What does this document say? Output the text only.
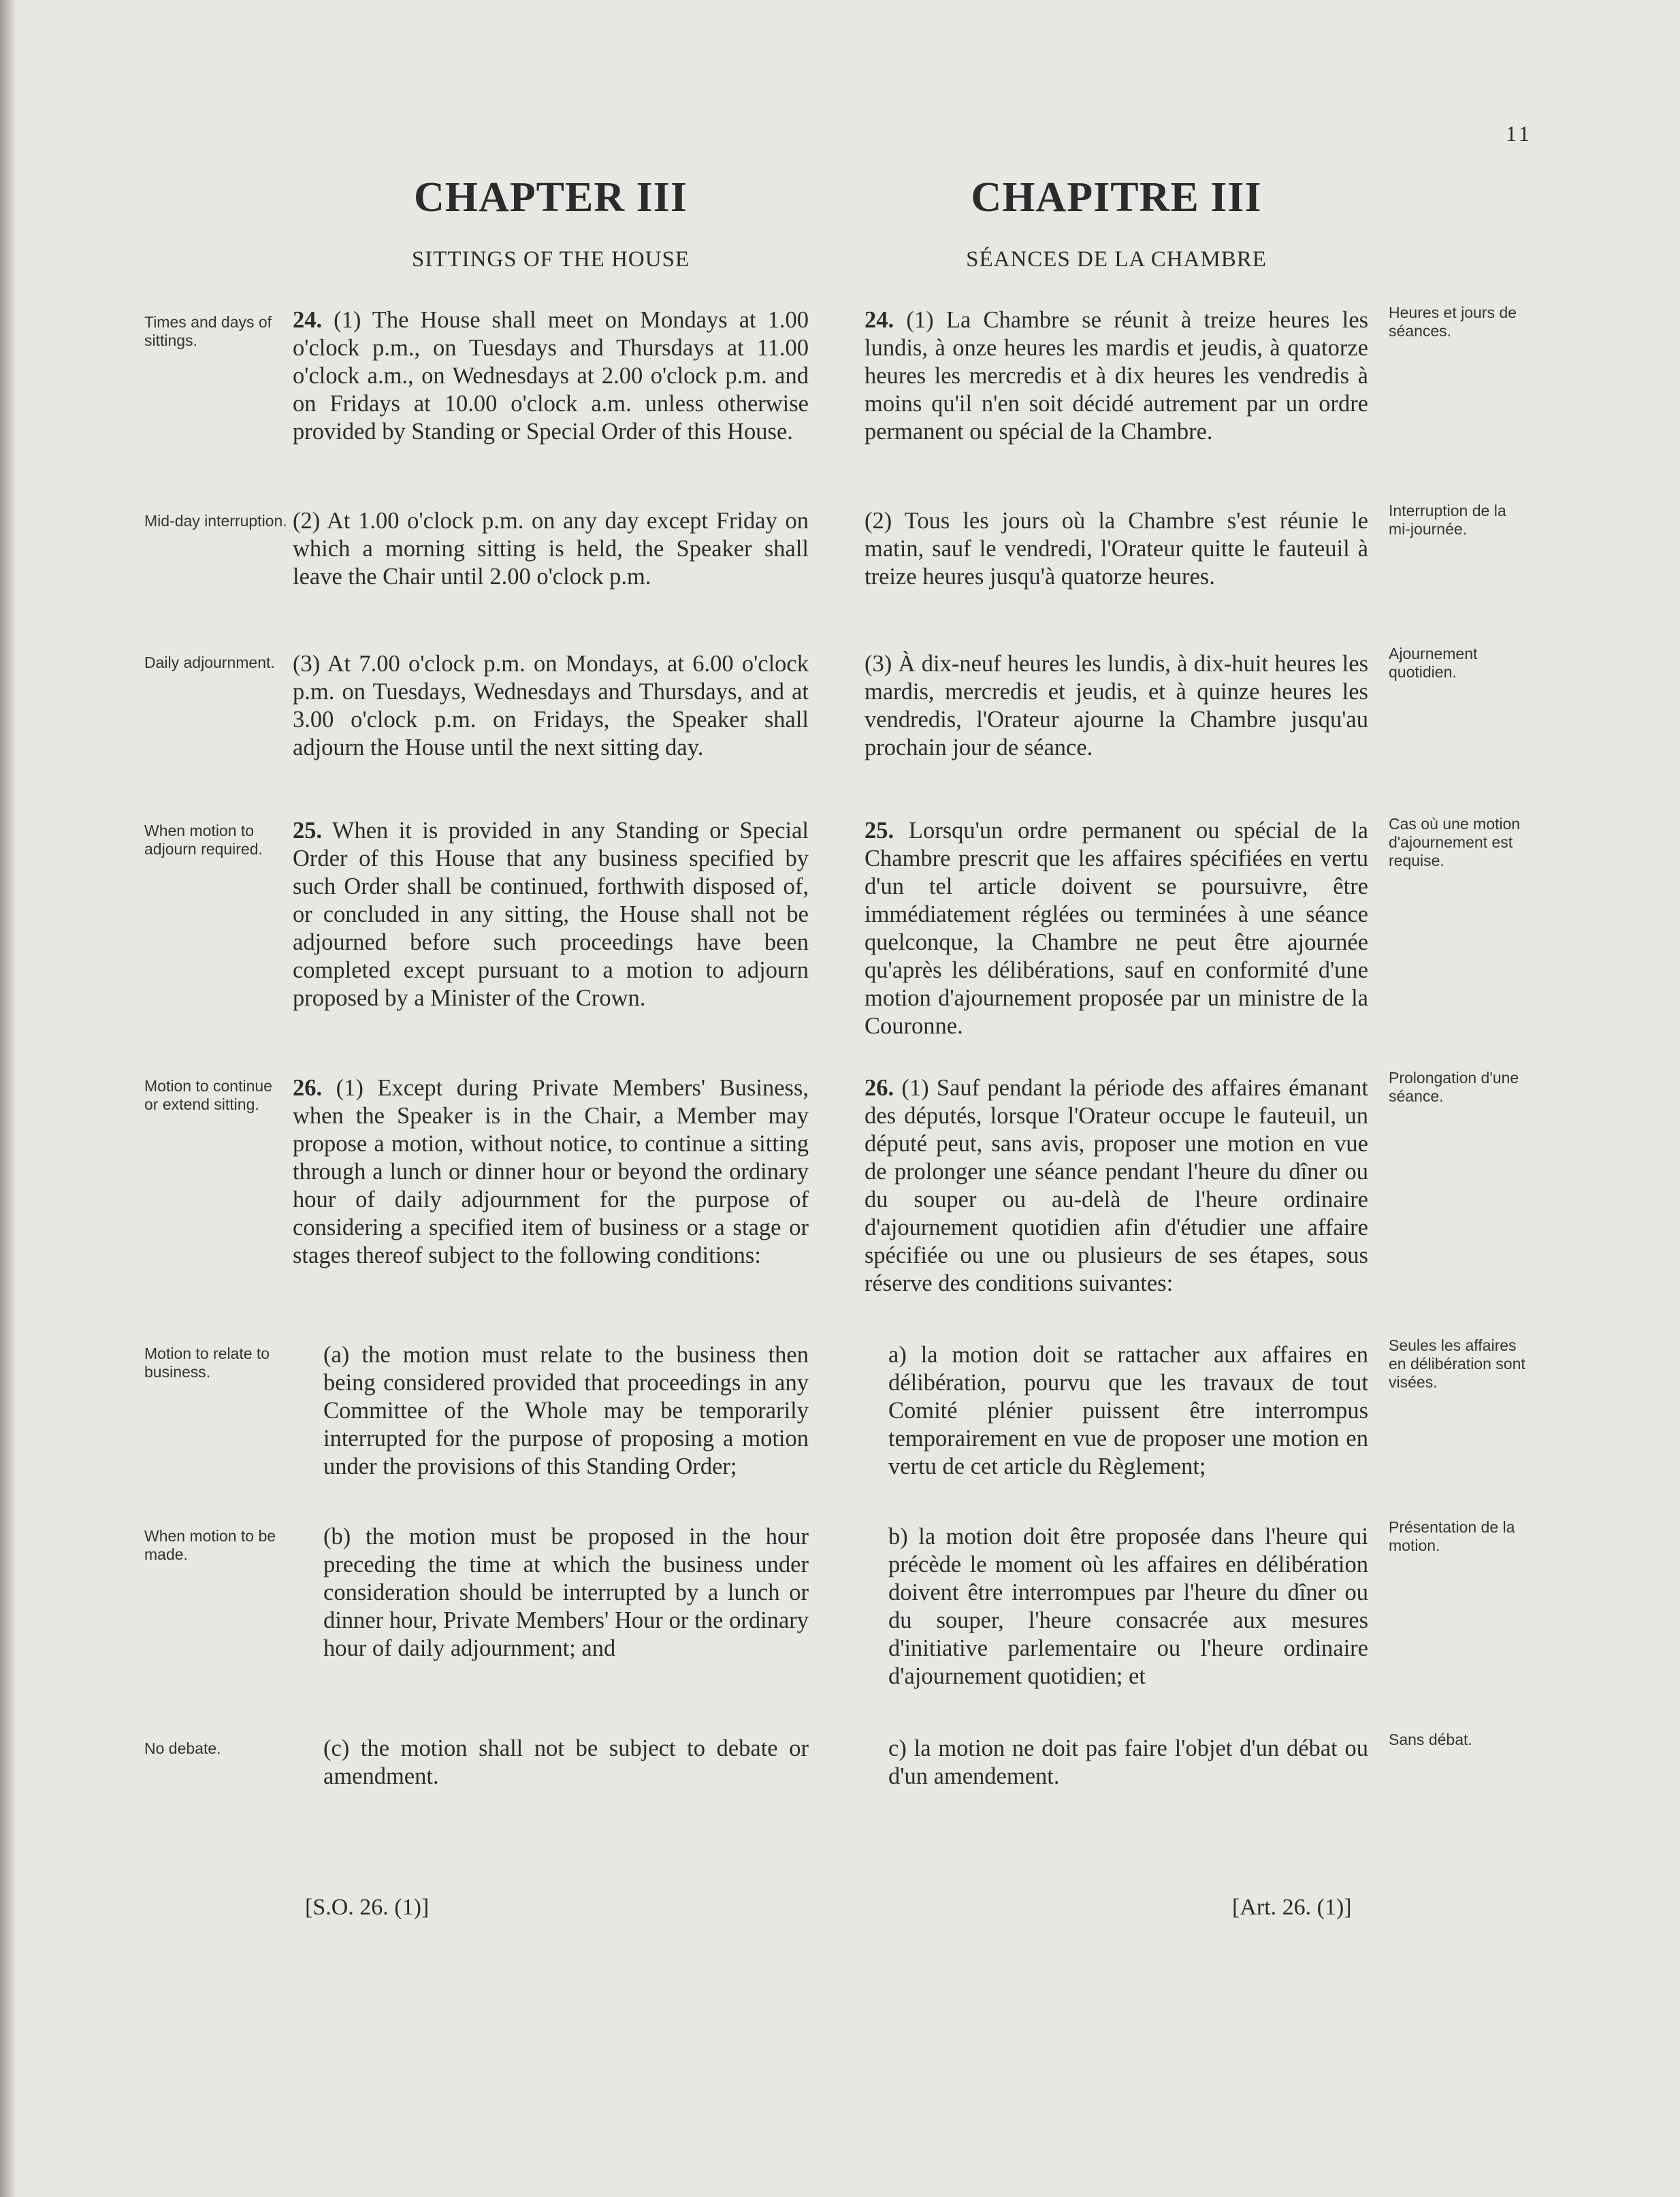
11
CHAPTER III
SITTINGS OF THE HOUSE

24. (1) The House shall meet on Mondays at 1.00 o'clock p.m., on Tuesdays and Thursdays at 11.00 o'clock a.m., on Wednesdays at 2.00 o'clock p.m. and on Fridays at 10.00 o'clock a.m. unless otherwise provided by Standing or Special Order of this House.

(2) At 1.00 o'clock p.m. on any day except Friday on which a morning sitting is held, the Speaker shall leave the Chair until 2.00 o'clock p.m.

(3) At 7.00 o'clock p.m. on Mondays, at 6.00 o'clock p.m. on Tuesdays, Wednesdays and Thursdays, and at 3.00 o'clock p.m. on Fridays, the Speaker shall adjourn the House until the next sitting day.

25. When it is provided in any Standing or Special Order of this House that any business specified by such Order shall be continued, forthwith disposed of, or concluded in any sitting, the House shall not be adjourned before such proceedings have been completed except pursuant to a motion to adjourn proposed by a Minister of the Crown.

26. (1) Except during Private Members' Business, when the Speaker is in the Chair, a Member may propose a motion, without notice, to continue a sitting through a lunch or dinner hour or beyond the ordinary hour of daily adjournment for the purpose of considering a specified item of business or a stage or stages thereof subject to the following conditions:

(a) the motion must relate to the business then being considered provided that proceedings in any Committee of the Whole may be temporarily interrupted for the purpose of proposing a motion under the provisions of this Standing Order;

(b) the motion must be proposed in the hour preceding the time at which the business under consideration should be interrupted by a lunch or dinner hour, Private Members' Hour or the ordinary hour of daily adjournment; and

(c) the motion shall not be subject to debate or amendment.

Times and days of sittings.
Mid-day interruption.
Daily adjournment.
When motion to adjourn required.
Motion to continue or extend sitting.
Motion to relate to business.
When motion to be made.
No debate.
[S.O. 26. (1)]
CHAPITRE III
SÉANCES DE LA CHAMBRE

24. (1) La Chambre se réunit à treize heures les lundis, à onze heures les mardis et jeudis, à quatorze heures les mercredis et à dix heures les vendredis à moins qu'il n'en soit décidé autrement par un ordre permanent ou spécial de la Chambre.

(2) Tous les jours où la Chambre s'est réunie le matin, sauf le vendredi, l'Orateur quitte le fauteuil à treize heures jusqu'à quatorze heures.

(3) À dix-neuf heures les lundis, à dix-huit heures les mardis, mercredis et jeudis, et à quinze heures les vendredis, l'Orateur ajourne la Chambre jusqu'au prochain jour de séance.

25. Lorsqu'un ordre permanent ou spécial de la Chambre prescrit que les affaires spécifiées en vertu d'un tel article doivent se poursuivre, être immédiatement réglées ou terminées à une séance quelconque, la Chambre ne peut être ajournée qu'après les délibérations, sauf en conformité d'une motion d'ajournement proposée par un ministre de la Couronne.

26. (1) Sauf pendant la période des affaires émanant des députés, lorsque l'Orateur occupe le fauteuil, un député peut, sans avis, proposer une motion en vue de prolonger une séance pendant l'heure du dîner ou du souper ou au-delà de l'heure ordinaire d'ajournement quotidien afin d'étudier une affaire spécifiée ou une ou plusieurs de ses étapes, sous réserve des conditions suivantes:

a) la motion doit se rattacher aux affaires en délibération, pourvu que les travaux de tout Comité plénier puissent être interrompus temporairement en vue de proposer une motion en vertu de cet article du Règlement;

b) la motion doit être proposée dans l'heure qui précède le moment où les affaires en délibération doivent être interrompues par l'heure du dîner ou du souper, l'heure consacrée aux mesures d'initiative parlementaire ou l'heure ordinaire d'ajournement quotidien; et

c) la motion ne doit pas faire l'objet d'un débat ou d'un amendement.

Heures et jours de séances.
Interruption de la mi-journée.
Ajournement quotidien.
Cas où une motion d'ajournement est requise.
Prolongation d'une séance.
Seules les affaires en délibération sont visées.
Présentation de la motion.
Sans débat.
[Art. 26. (1)]
